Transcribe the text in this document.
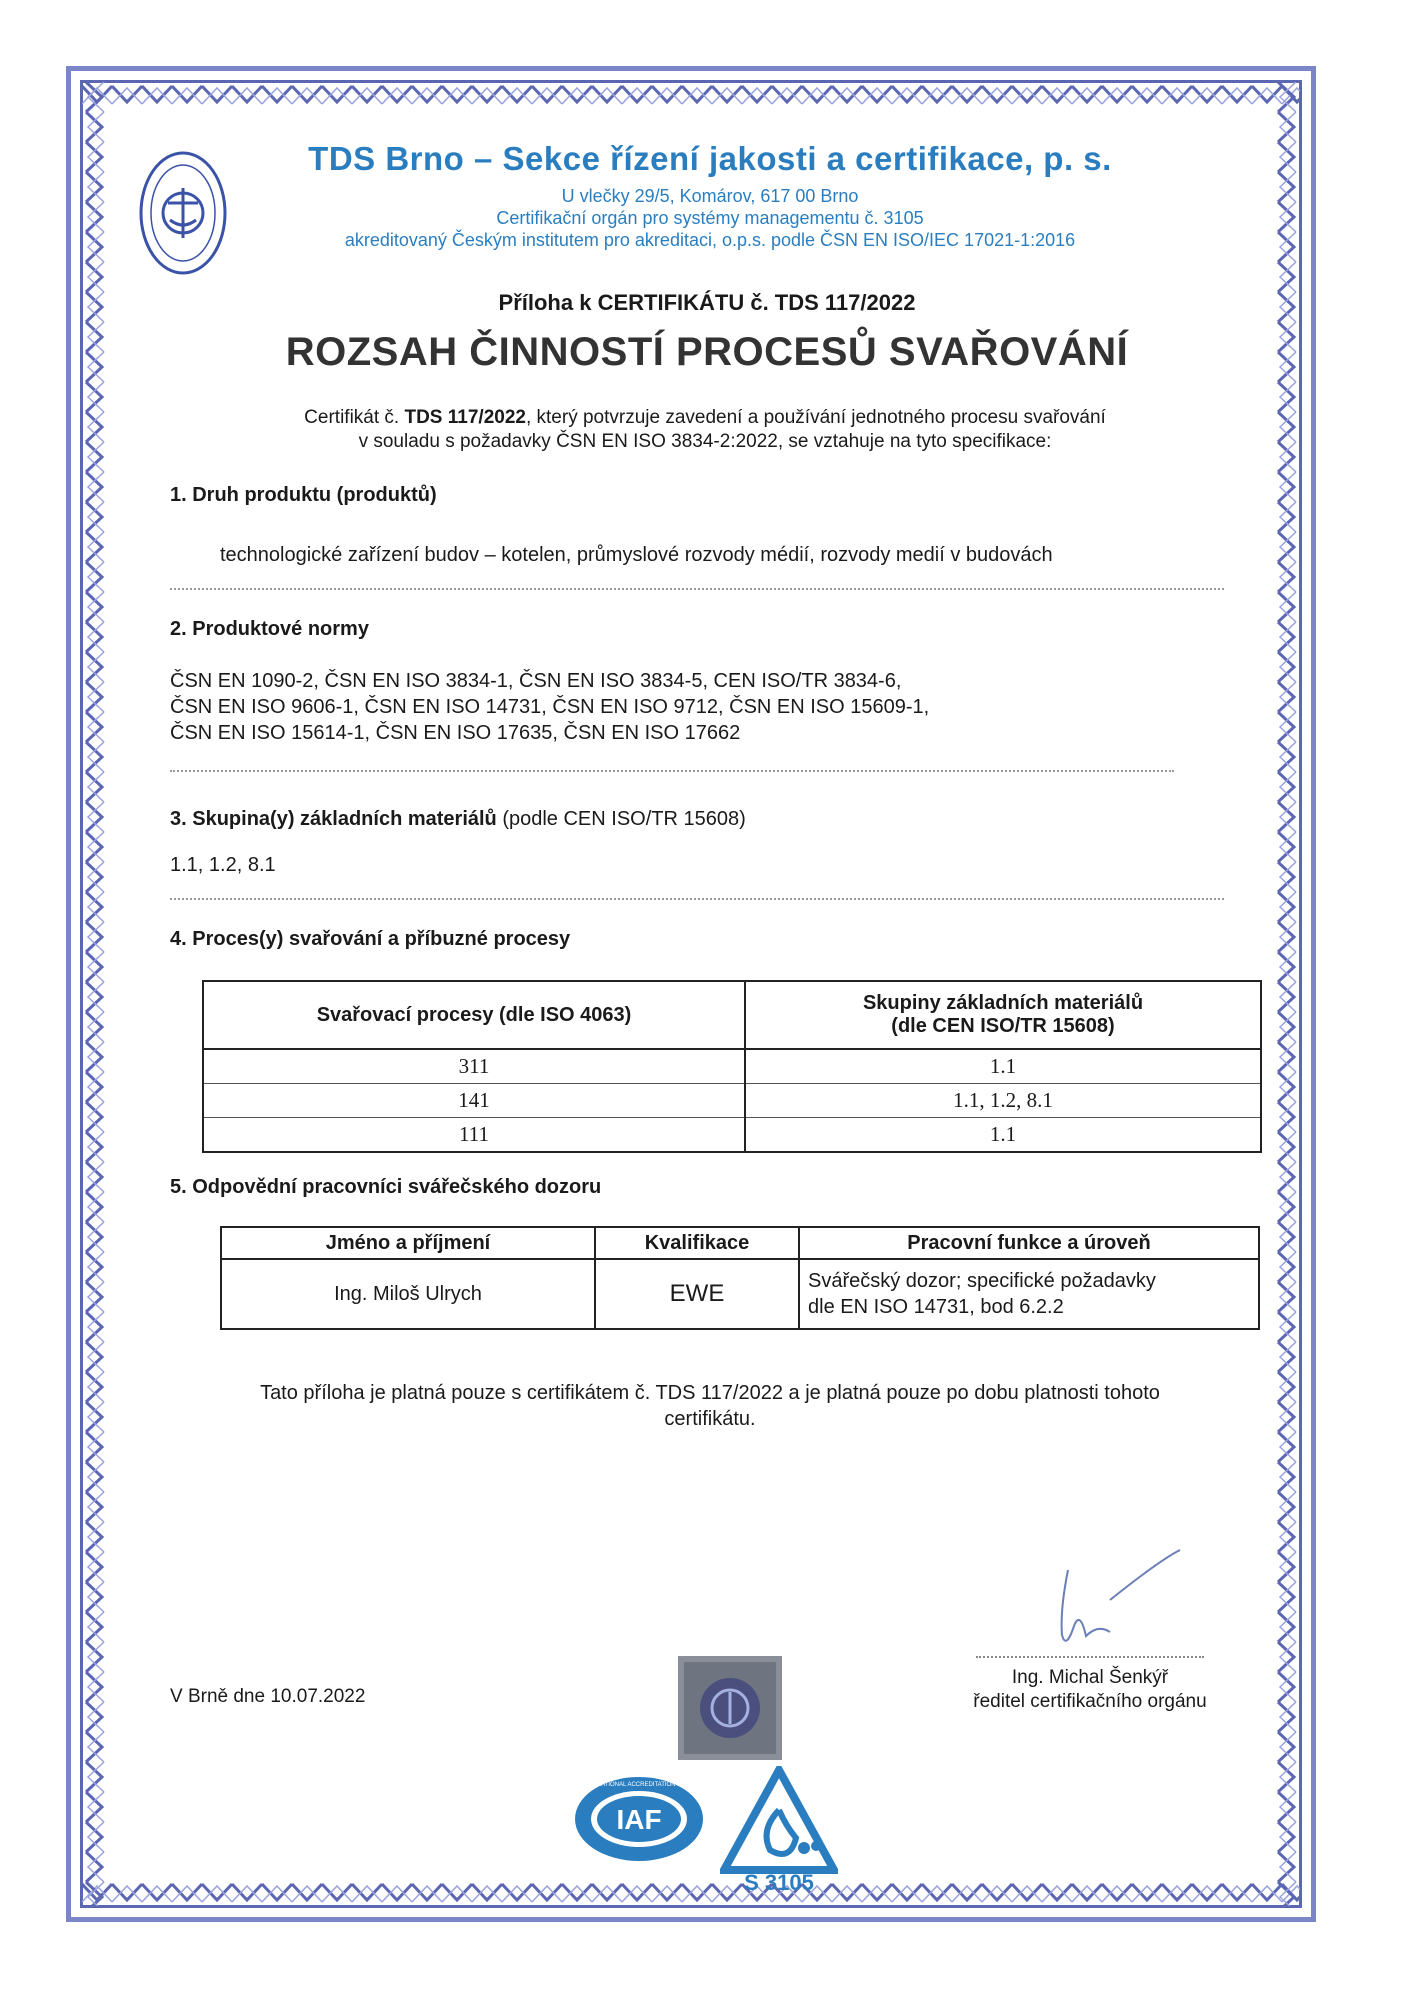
TDS Brno – Sekce řízení jakosti a certifikace, p. s.
U vlečky 29/5, Komárov, 617 00 Brno
Certifikační orgán pro systémy managementu č. 3105
akreditovaný Českým institutem pro akreditaci, o.p.s. podle ČSN EN ISO/IEC 17021-1:2016
Příloha k CERTIFIKÁTU č. TDS 117/2022
ROZSAH ČINNOSTÍ PROCESŮ SVAŘOVÁNÍ
Certifikát č. TDS 117/2022, který potvrzuje zavedení a používání jednotného procesu svařování
v souladu s požadavky ČSN EN ISO 3834-2:2022, se vztahuje na tyto specifikace:
1. Druh produktu (produktů)
technologické zařízení budov – kotelen, průmyslové rozvody médií, rozvody medií v budovách
2. Produktové normy
ČSN EN 1090-2, ČSN EN ISO 3834-1, ČSN EN ISO 3834-5, CEN ISO/TR 3834-6,
ČSN EN ISO 9606-1, ČSN EN ISO 14731, ČSN EN ISO 9712, ČSN EN ISO 15609-1,
ČSN EN ISO 15614-1, ČSN EN ISO 17635, ČSN EN ISO 17662
3. Skupina(y) základních materiálů (podle CEN ISO/TR 15608)
1.1, 1.2, 8.1
4. Proces(y) svařování a příbuzné procesy
Svařovací procesy (dle ISO 4063)	Skupiny základních materiálů
(dle CEN ISO/TR 15608)

311	1.1
141	1.1, 1.2, 8.1
111	1.1
5. Odpovědní pracovníci svářečského dozoru
Jméno a příjmení	Kvalifikace	Pracovní funkce a úroveň
Ing. Miloš Ulrych	EWE	Svářečský dozor; specifické požadavky
dle EN ISO 14731, bod 6.2.2
Tato příloha je platná pouze s certifikátem č. TDS 117/2022 a je platná pouze po dobu platnosti tohoto
certifikátu.
Ing. Michal Šenkýř
ředitel certifikačního orgánu
V Brně dne 10.07.2022
IAF
INTERNATIONAL ACCREDITATION FORUM
S 3105
